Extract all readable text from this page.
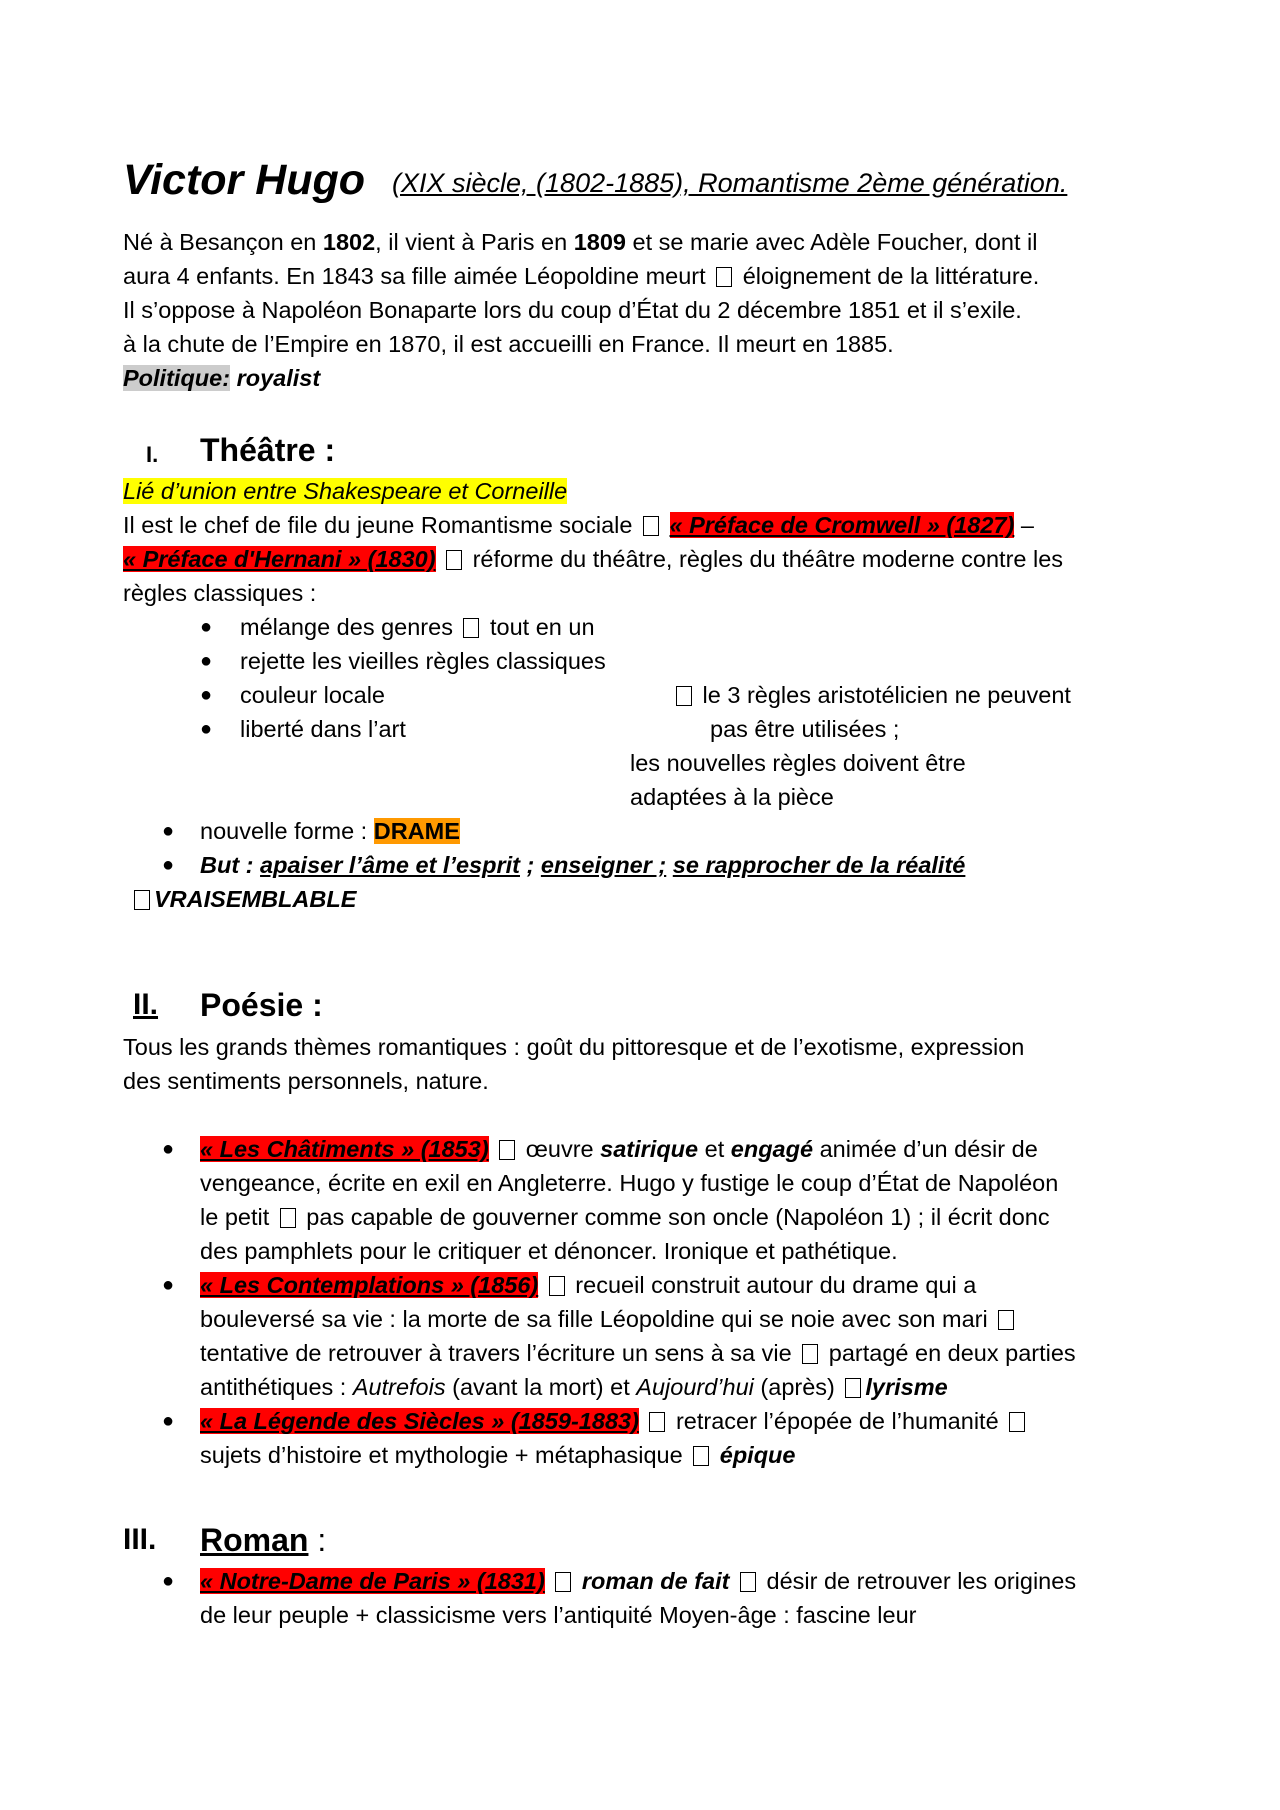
Victor Hugo (XIX siècle, (1802-1885), Romantisme 2ème génération.
Né à Besançon en 1802, il vient à Paris en 1809 et se marie avec Adèle Foucher, dont il
aura 4 enfants. En 1843 sa fille aimée Léopoldine meurt  éloignement de la littérature.
Il s’oppose à Napoléon Bonaparte lors du coup d’État du 2 décembre 1851 et il s’exile.
à la chute de l’Empire en 1870, il est accueilli en France. Il meurt en 1885.
Politique: royalist
I. Théâtre :
Lié d’union entre Shakespeare et Corneille
Il est le chef de file du jeune Romantisme sociale  « Préface de Cromwell » (1827) –
« Préface d'Hernani » (1830)  réforme du théâtre, règles du théâtre moderne contre les
règles classiques :
● mélange des genres  tout en un
● rejette les vieilles règles classiques
● couleur locale
● liberté dans l’art
le 3 règles aristotélicien ne peuvent
pas être utilisées ;
les nouvelles règles doivent être
adaptées à la pièce
● nouvelle forme : DRAME
● But : apaiser l’âme et l’esprit ; enseigner ; se rapprocher de la réalité
VRAISEMBLABLE
II. Poésie :
Tous les grands thèmes romantiques : goût du pittoresque et de l’exotisme, expression
des sentiments personnels, nature.
● « Les Châtiments » (1853)  œuvre satirique et engagé animée d’un désir de
vengeance, écrite en exil en Angleterre. Hugo y fustige le coup d’État de Napoléon
le petit  pas capable de gouverner comme son oncle (Napoléon 1) ; il écrit donc
des pamphlets pour le critiquer et dénoncer. Ironique et pathétique.
● « Les Contemplations » (1856)  recueil construit autour du drame qui a
bouleversé sa vie : la morte de sa fille Léopoldine qui se noie avec son mari
tentative de retrouver à travers l’écriture un sens à sa vie  partagé en deux parties
antithétiques : Autrefois (avant la mort) et Aujourd’hui (après) lyrisme
● « La Légende des Siècles » (1859-1883)  retracer l’épopée de l’humanité
sujets d’histoire et mythologie + métaphasique  épique
III. Roman :
● « Notre-Dame de Paris » (1831)  roman de fait  désir de retrouver les origines
de leur peuple + classicisme vers l’antiquité Moyen-âge : fascine leur
